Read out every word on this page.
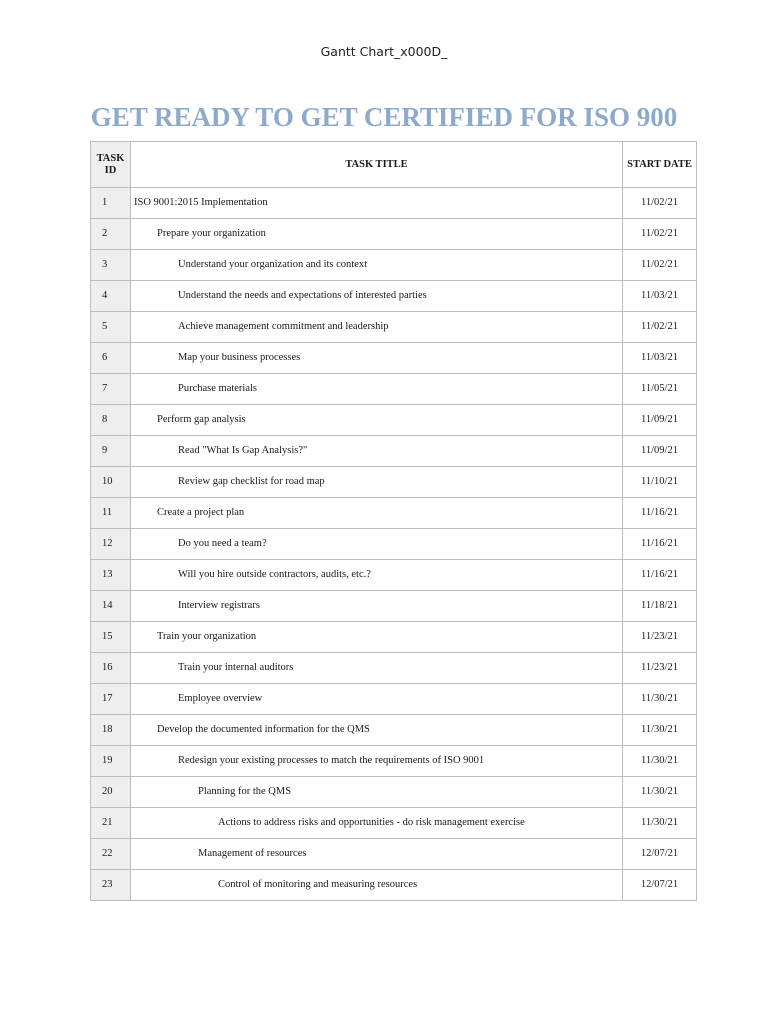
Gantt Chart_x000D_
GET READY TO GET CERTIFIED FOR ISO 900
TASK ID	TASK TITLE	START DATE
1	ISO 9001:2015 Implementation	11/02/21
2	Prepare your organization	11/02/21
3	Understand your organization and its context	11/02/21
4	Understand the needs and expectations of interested parties	11/03/21
5	Achieve management commitment and leadership	11/02/21
6	Map your business processes	11/03/21
7	Purchase materials	11/05/21
8	Perform gap analysis	11/09/21
9	Read "What Is Gap Analysis?"	11/09/21
10	Review gap checklist for road map	11/10/21
11	Create a project plan	11/16/21
12	Do you need a team?	11/16/21
13	Will you hire outside contractors, audits, etc.?	11/16/21
14	Interview registrars	11/18/21
15	Train your organization	11/23/21
16	Train your internal auditors	11/23/21
17	Employee overview	11/30/21
18	Develop the documented information for the QMS	11/30/21
19	Redesign your existing processes to match the requirements of ISO 9001	11/30/21
20	Planning for the QMS	11/30/21
21	Actions to address risks and opportunities - do risk management exercise	11/30/21
22	Management of resources	12/07/21
23	Control of monitoring and measuring resources	12/07/21
